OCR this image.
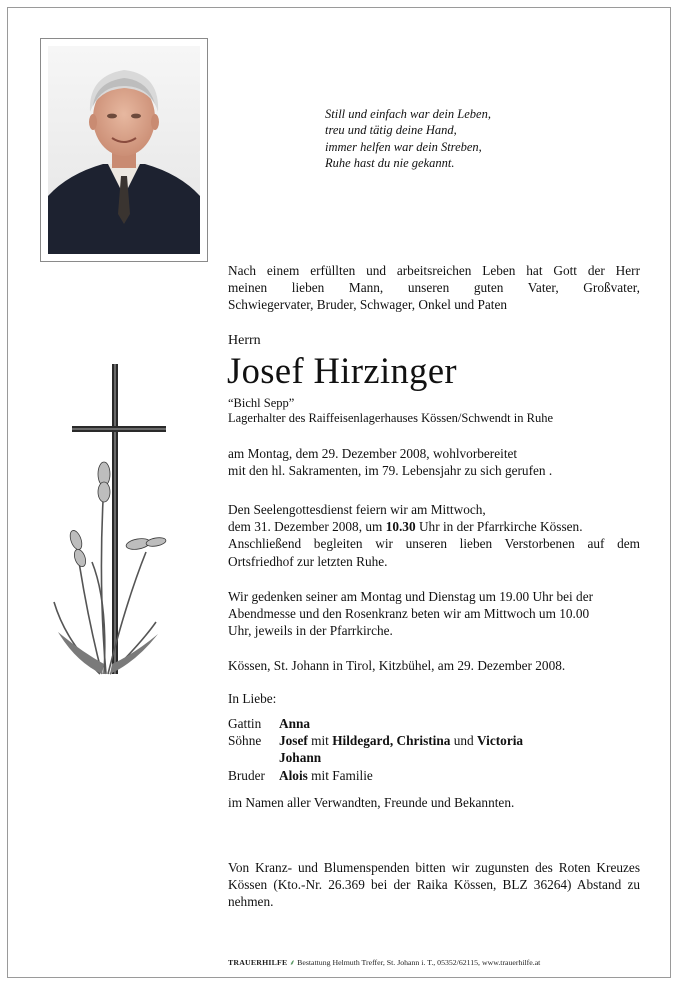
Still und einfach war dein Leben,
treu und tätig deine Hand,
immer helfen war dein Streben,
Ruhe hast du nie gekannt.
Nach einem erfüllten und arbeitsreichen Leben hat Gott der Herr
meinen lieben Mann, unseren guten Vater, Großvater,
Schwiegervater, Bruder, Schwager, Onkel und Paten
Herrn
Josef Hirzinger
“Bichl Sepp”
Lagerhalter des Raiffeisenlagerhauses Kössen/Schwendt in Ruhe
am Montag, dem 29. Dezember 2008, wohlvorbereitet
mit den hl. Sakramenten, im 79. Lebensjahr zu sich gerufen .
Den Seelengottesdienst feiern wir am Mittwoch,
dem 31. Dezember 2008, um 10.30 Uhr in der Pfarrkirche Kössen.
Anschließend begleiten wir unseren lieben Verstorbenen auf dem
Ortsfriedhof zur letzten Ruhe.
Wir gedenken seiner am Montag und Dienstag um 19.00 Uhr bei der
Abendmesse und den Rosenkranz beten wir am Mittwoch um 10.00
Uhr, jeweils in der Pfarrkirche.
Kössen, St. Johann in Tirol, Kitzbühel, am 29. Dezember 2008.
In Liebe:
Gattin	Anna
Söhne	Josef mit Hildegard, Christina und Victoria
Johann
Bruder	Alois mit Familie
im Namen aller Verwandten, Freunde und Bekannten.
Von Kranz- und Blumenspenden bitten wir zugunsten des Roten Kreuzes
Kössen (Kto.-Nr. 26.369 bei der Raika Kössen, BLZ 36264) Abstand zu
nehmen.
TRAUERHILFE ⸙ Bestattung Helmuth Treffer, St. Johann i. T., 05352/62115, www.trauerhilfe.at
